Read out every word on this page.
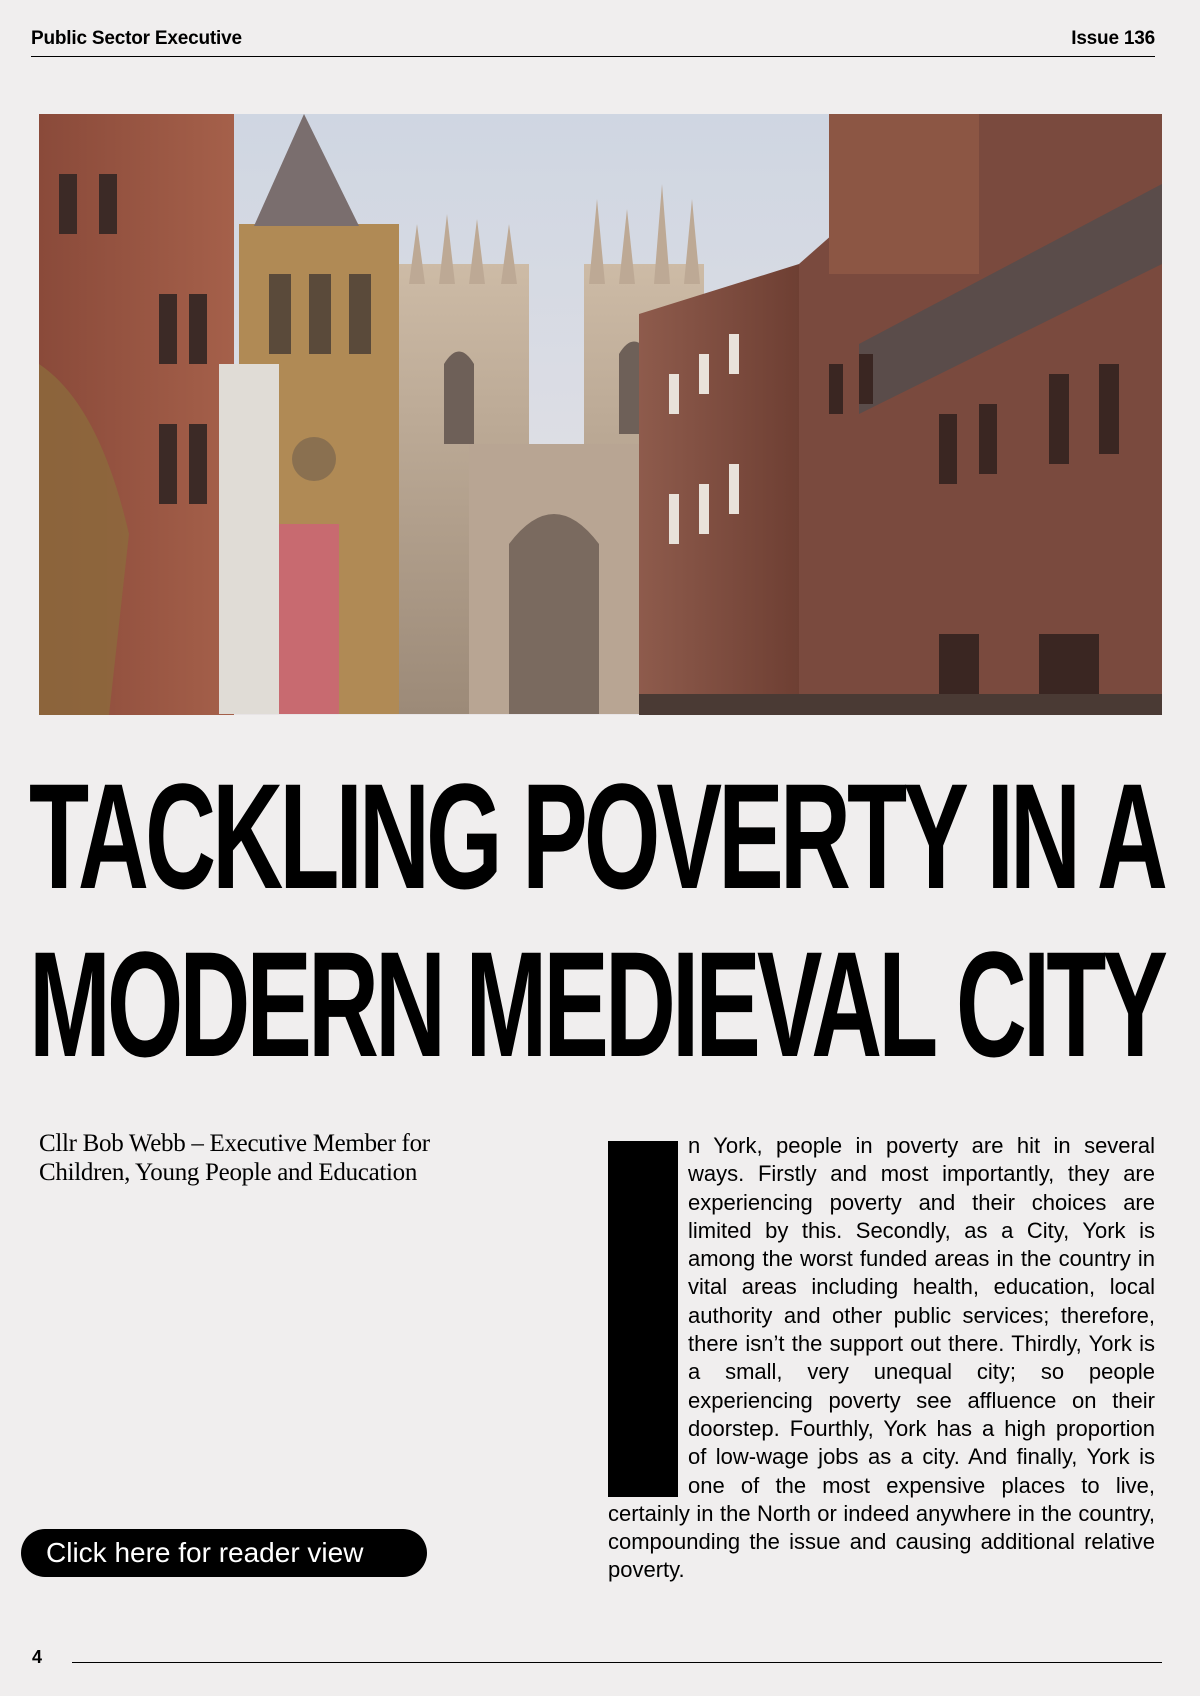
Public Sector Executive	Issue 136
TACKLING POVERTY IN A
MODERN MEDIEVAL CITY
Cllr Bob Webb – Executive Member for
Children, Young People and Education
Click here for reader view

n York, people in poverty are hit in several ways. Firstly and most importantly, they are experiencing poverty and their choices are limited by this. Secondly, as a City, York is among the worst funded areas in the country in vital areas including health, education, local authority and other public services; therefore, there isn’t the support out there. Thirdly, York is a small, very unequal city; so people experiencing poverty see affluence on their doorstep. Fourthly, York has a high proportion of low-wage jobs as a city. And finally, York is one of the most expensive places to live, certainly in the North or indeed anywhere in the country, compounding the issue and causing additional relative poverty.

4
